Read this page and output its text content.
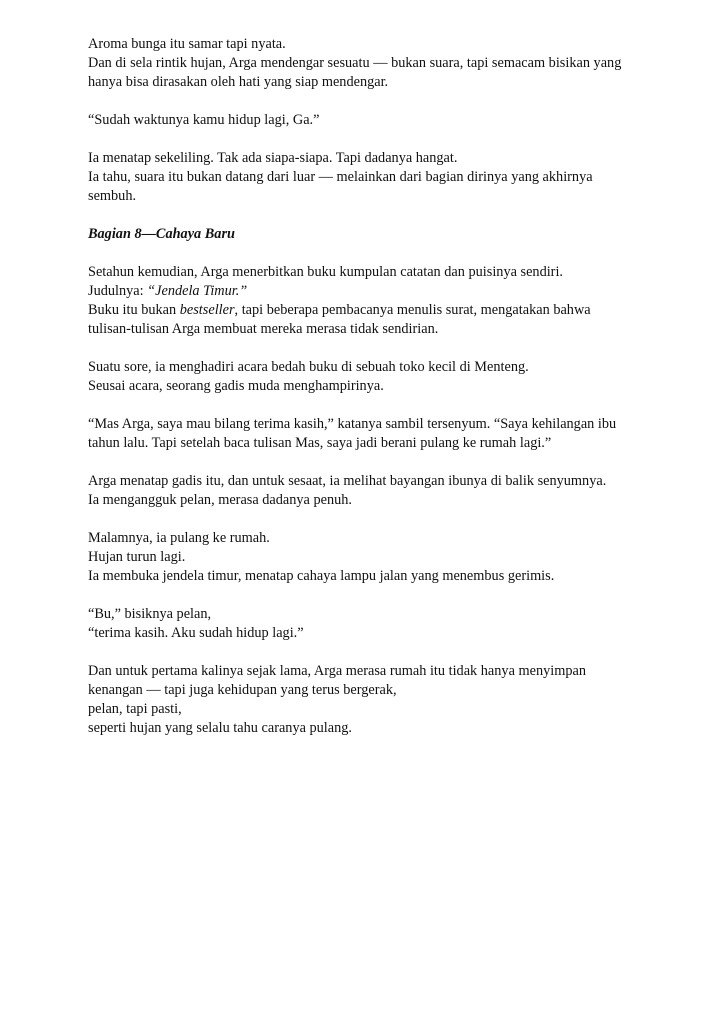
Aroma bunga itu samar tapi nyata.
Dan di sela rintik hujan, Arga mendengar sesuatu — bukan suara, tapi semacam bisikan yang
hanya bisa dirasakan oleh hati yang siap mendengar.
“Sudah waktunya kamu hidup lagi, Ga.”
Ia menatap sekeliling. Tak ada siapa-siapa. Tapi dadanya hangat.
Ia tahu, suara itu bukan datang dari luar — melainkan dari bagian dirinya yang akhirnya
sembuh.
Bagian 8—Cahaya Baru
Setahun kemudian, Arga menerbitkan buku kumpulan catatan dan puisinya sendiri.
Judulnya: “Jendela Timur.”
Buku itu bukan bestseller, tapi beberapa pembacanya menulis surat, mengatakan bahwa
tulisan-tulisan Arga membuat mereka merasa tidak sendirian.
Suatu sore, ia menghadiri acara bedah buku di sebuah toko kecil di Menteng.
Seusai acara, seorang gadis muda menghampirinya.
“Mas Arga, saya mau bilang terima kasih,” katanya sambil tersenyum. “Saya kehilangan ibu
tahun lalu. Tapi setelah baca tulisan Mas, saya jadi berani pulang ke rumah lagi.”
Arga menatap gadis itu, dan untuk sesaat, ia melihat bayangan ibunya di balik senyumnya.
Ia mengangguk pelan, merasa dadanya penuh.
Malamnya, ia pulang ke rumah.
Hujan turun lagi.
Ia membuka jendela timur, menatap cahaya lampu jalan yang menembus gerimis.
“Bu,” bisiknya pelan,
“terima kasih. Aku sudah hidup lagi.”
Dan untuk pertama kalinya sejak lama, Arga merasa rumah itu tidak hanya menyimpan
kenangan — tapi juga kehidupan yang terus bergerak,
pelan, tapi pasti,
seperti hujan yang selalu tahu caranya pulang.
